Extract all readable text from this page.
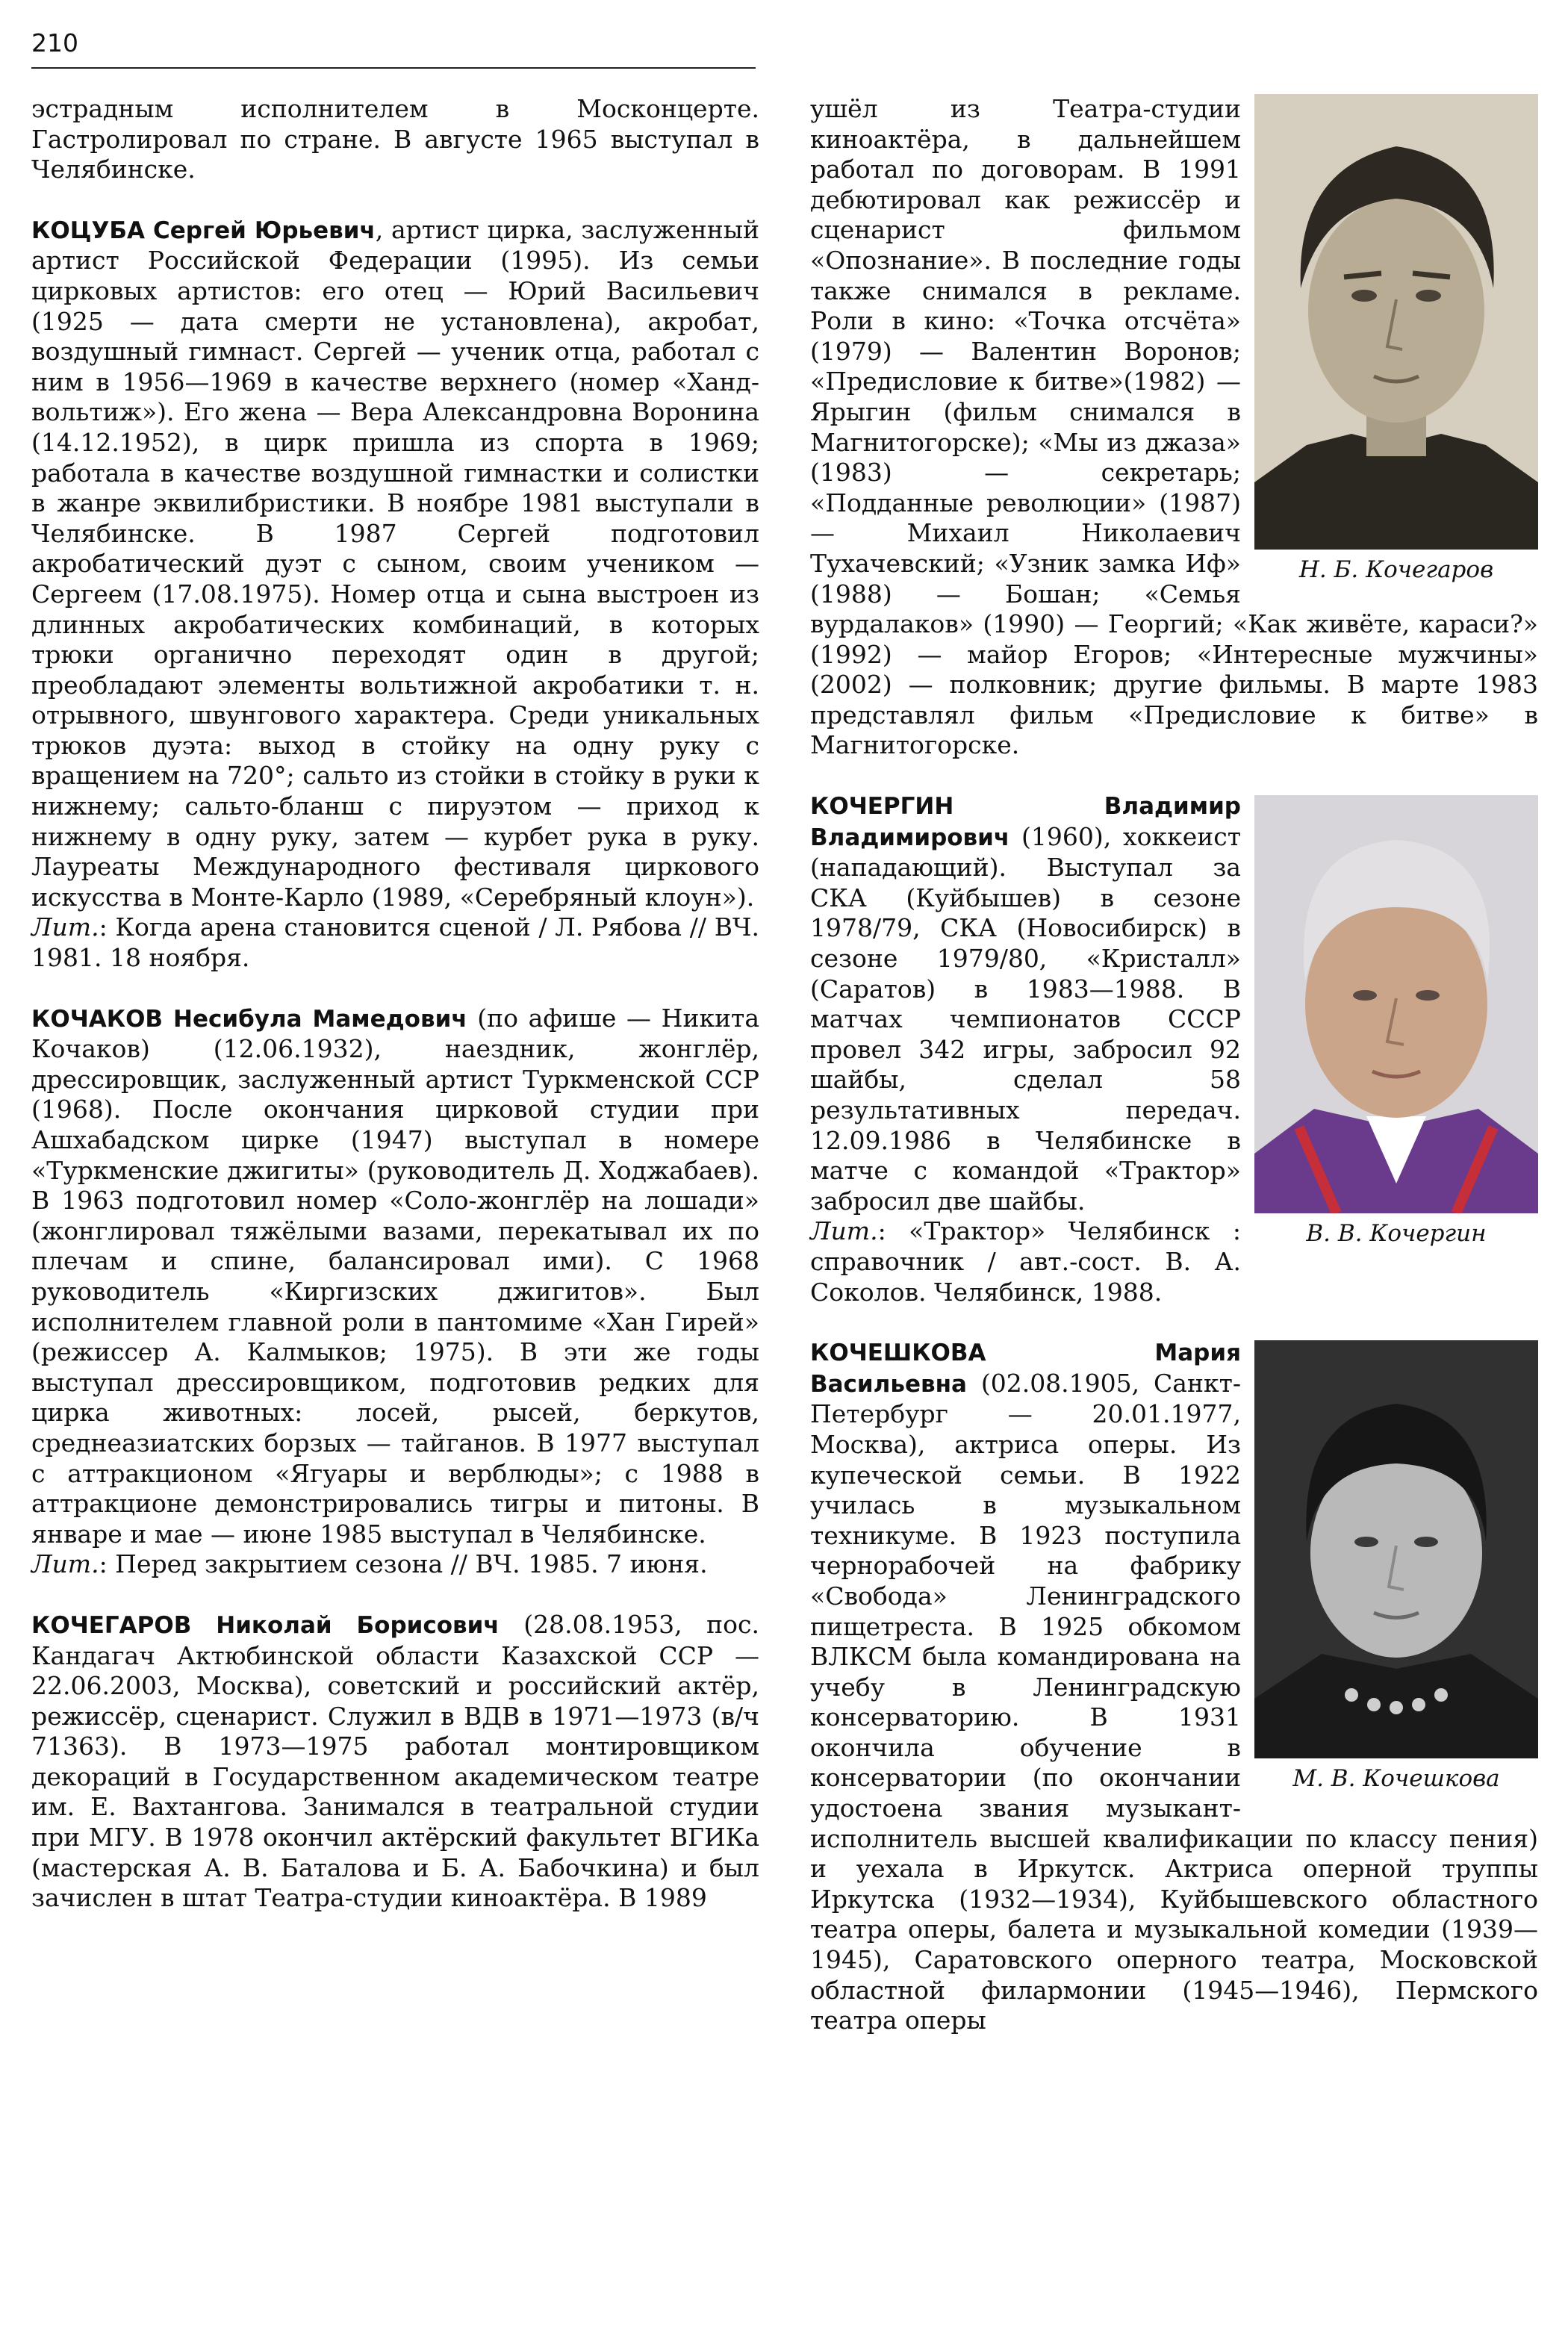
210

эстрадным исполнителем в Москонцерте. Гастролировал по стране. В августе 1965 выступал в Челябинске.

КОЦУБА Сергей Юрьевич, артист цирка, заслуженный артист Российской Федерации (1995). Из семьи цирковых артистов: его отец — Юрий Васильевич (1925 — дата смерти не установлена), акробат, воздушный гимнаст. Сергей — ученик отца, работал с ним в 1956—1969 в качестве верхнего (номер «Ханд-вольтиж»). Его жена — Вера Александровна Воронина (14.12.1952), в цирк пришла из спорта в 1969; работала в качестве воздушной гимнастки и солистки в жанре эквилибристики. В ноябре 1981 выступали в Челябинске. В 1987 Сергей подготовил акробатический дуэт с сыном, своим учеником — Сергеем (17.08.1975). Номер отца и сына выстроен из длинных акробатических комбинаций, в которых трюки органично переходят один в другой; преобладают элементы вольтижной акробатики т. н. отрывного, швунгового характера. Среди уникальных трюков дуэта: выход в стойку на одну руку с вращением на 720°; сальто из стойки в стойку в руки к нижнему; сальто-бланш с пируэтом — приход к нижнему в одну руку, затем — курбет рука в руку. Лауреаты Международного фестиваля циркового искусства в Монте-Карло (1989, «Серебряный клоун»).
Лит.: Когда арена становится сценой / Л. Рябова // ВЧ. 1981. 18 ноября.
КОЧАКОВ Несибула Мамедович (по афише — Никита Кочаков) (12.06.1932), наездник, жонглёр, дрессировщик, заслуженный артист Туркменской ССР (1968). После окончания цирковой студии при Ашхабадском цирке (1947) выступал в номере «Туркменские джигиты» (руководитель Д. Ходжабаев). В 1963 подготовил номер «Соло-жонглёр на лошади» (жонглировал тяжёлыми вазами, перекатывал их по плечам и спине, балансировал ими). С 1968 руководитель «Киргизских джигитов». Был исполнителем главной роли в пантомиме «Хан Гирей» (режиссер А. Калмыков; 1975). В эти же годы выступал дрессировщиком, подготовив редких для цирка животных: лосей, рысей, беркутов, среднеазиатских борзых — тайганов. В 1977 выступал с аттракционом «Ягуары и верблюды»; с 1988 в аттракционе демонстрировались тигры и питоны. В январе и мае — июне 1985 выступал в Челябинске.
Лит.: Перед закрытием сезона // ВЧ. 1985. 7 июня.
КОЧЕГАРОВ Николай Борисович (28.08.1953, пос. Кандагач Актюбинской области Казахской ССР — 22.06.2003, Москва), советский и российский актёр, режиссёр, сценарист. Служил в ВДВ в 1971—1973 (в/ч 71363). В 1973—1975 работал монтировщиком декораций в Государственном академическом театре им. Е. Вахтангова. Занимался в театральной студии при МГУ. В 1978 окончил актёрский факультет ВГИКа (мастерская А. В. Баталова и Б. А. Бабочкина) и был зачислен в штат Театра-студии киноактёра. В 1989
Н. Б. Кочегаров
ушёл из Театра-студии киноактёра, в дальнейшем работал по договорам. В 1991 дебютировал как режиссёр и сценарист фильмом «Опознание». В последние годы также снимался в рекламе. Роли в кино: «Точка отсчёта» (1979) — Валентин Воронов; «Предисловие к битве»(1982) — Ярыгин (фильм снимался в Магнитогорске); «Мы из джаза» (1983) — секретарь; «Подданные революции» (1987) — Михаил Николаевич Тухачевский; «Узник замка Иф» (1988) — Бошан; «Семья вурдалаков» (1990) — Георгий; «Как живёте, караси?» (1992) — майор Егоров; «Интересные мужчины» (2002) — полковник; другие фильмы. В марте 1983 представлял фильм «Предисловие к битве» в Магнитогорске.
В. В. Кочергин
КОЧЕРГИН Владимир Владимирович (1960), хоккеист (нападающий). Выступал за СКА (Куйбышев) в сезоне 1978/79, СКА (Новосибирск) в сезоне 1979/80, «Кристалл» (Саратов) в 1983—1988. В матчах чемпионатов СССР провел 342 игры, забросил 92 шайбы, сделал 58 результативных передач. 12.09.1986 в Челябинске в матче с командой «Трактор» забросил две шайбы.
Лит.: «Трактор» Челябинск : справочник / авт.-сост. В. А. Соколов. Челябинск, 1988.
М. В. Кочешкова
КОЧЕШКОВА Мария Васильевна (02.08.1905, Санкт-Петербург — 20.01.1977, Москва), актриса оперы. Из купеческой семьи. В 1922 училась в музыкальном техникуме. В 1923 поступила чернорабочей на фабрику «Свобода» Ленинградского пищетреста. В 1925 обкомом ВЛКСМ была командирована на учебу в Ленинградскую консерваторию. В 1931 окончила обучение в консерватории (по окончании удостоена звания музыкант-исполнитель высшей квалификации по классу пения) и уехала в Иркутск. Актриса оперной труппы Иркутска (1932—1934), Куйбышевского областного театра оперы, балета и музыкальной комедии (1939—1945), Саратовского оперного театра, Московской областной филармонии (1945—1946), Пермского театра оперы
